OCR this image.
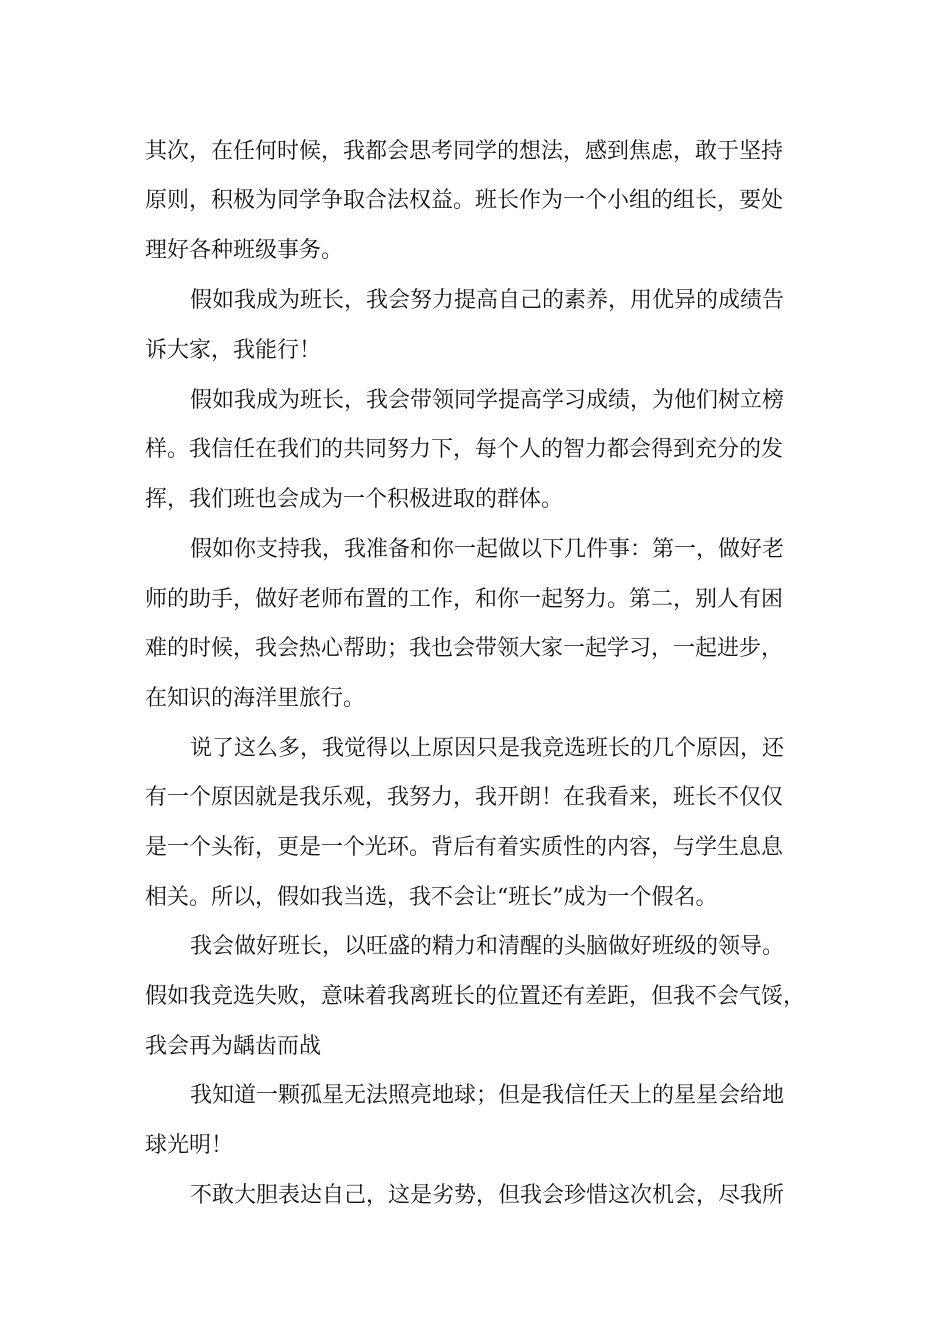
其次，在任何时候，我都会思考同学的想法，感到焦虑，敢于坚持

原则，积极为同学争取合法权益。班长作为一个小组的组长，要处

理好各种班级事务。

假如我成为班长，我会努力提高自己的素养，用优异的成绩告

诉大家，我能行！

假如我成为班长，我会带领同学提高学习成绩，为他们树立榜

样。我信任在我们的共同努力下，每个人的智力都会得到充分的发

挥，我们班也会成为一个积极进取的群体。

假如你支持我，我准备和你一起做以下几件事：第一，做好老

师的助手，做好老师布置的工作，和你一起努力。第二，别人有困

难的时候，我会热心帮助；我也会带领大家一起学习，一起进步，

在知识的海洋里旅行。

说了这么多，我觉得以上原因只是我竞选班长的几个原因，还

有一个原因就是我乐观，我努力，我开朗！在我看来，班长不仅仅

是一个头衔，更是一个光环。背后有着实质性的内容，与学生息息

相关。所以，假如我当选，我不会让“班长”成为一个假名。

我会做好班长，以旺盛的精力和清醒的头脑做好班级的领导。

假如我竞选失败，意味着我离班长的位置还有差距，但我不会气馁，

我会再为龋齿而战

我知道一颗孤星无法照亮地球；但是我信任天上的星星会给地

球光明！

不敢大胆表达自己，这是劣势，但我会珍惜这次机会，尽我所
